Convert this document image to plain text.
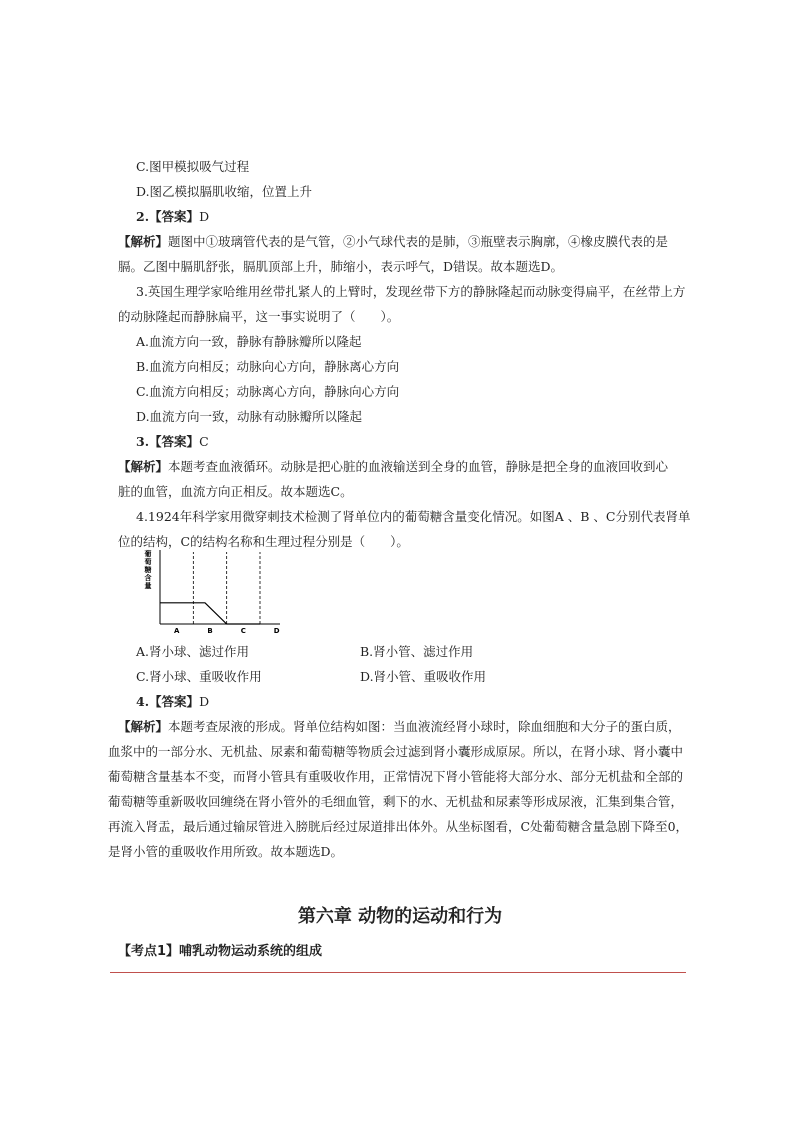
C.图甲模拟吸气过程
D.图乙模拟膈肌收缩，位置上升
2.【答案】D
【解析】题图中①玻璃管代表的是气管，②小气球代表的是肺，③瓶壁表示胸廓，④橡皮膜代表的是
膈。乙图中膈肌舒张，膈肌顶部上升，肺缩小，表示呼气，D错误。故本题选D。
3.英国生理学家哈维用丝带扎紧人的上臂时，发现丝带下方的静脉隆起而动脉变得扁平，在丝带上方
的动脉隆起而静脉扁平，这一事实说明了（　　）。
A.血流方向一致，静脉有静脉瓣所以隆起
B.血流方向相反；动脉向心方向，静脉离心方向
C.血流方向相反；动脉离心方向，静脉向心方向
D.血流方向一致，动脉有动脉瓣所以隆起
3.【答案】C
【解析】本题考查血液循环。动脉是把心脏的血液输送到全身的血管，静脉是把全身的血液回收到心
脏的血管，血流方向正相反。故本题选C。
4.1924年科学家用微穿刺技术检测了肾单位内的葡萄糖含量变化情况。如图A 、B 、C分别代表肾单
位的结构，C的结构名称和生理过程分别是（　　）。
A	B	C	D
葡
萄
糖
含
量
A.肾小球、滤过作用	B.肾小管、滤过作用
C.肾小球、重吸收作用	D.肾小管、重吸收作用
4.【答案】D
【解析】本题考查尿液的形成。肾单位结构如图：当血液流经肾小球时，除血细胞和大分子的蛋白质，
血浆中的一部分水、无机盐、尿素和葡萄糖等物质会过滤到肾小囊形成原尿。所以，在肾小球、肾小囊中
葡萄糖含量基本不变，而肾小管具有重吸收作用，正常情况下肾小管能将大部分水、部分无机盐和全部的
葡萄糖等重新吸收回缠绕在肾小管外的毛细血管，剩下的水、无机盐和尿素等形成尿液，汇集到集合管，
再流入肾盂，最后通过输尿管进入膀胱后经过尿道排出体外。从坐标图看，C处葡萄糖含量急剧下降至0，
是肾小管的重吸收作用所致。故本题选D。
第六章 动物的运动和行为
【考点1】哺乳动物运动系统的组成
